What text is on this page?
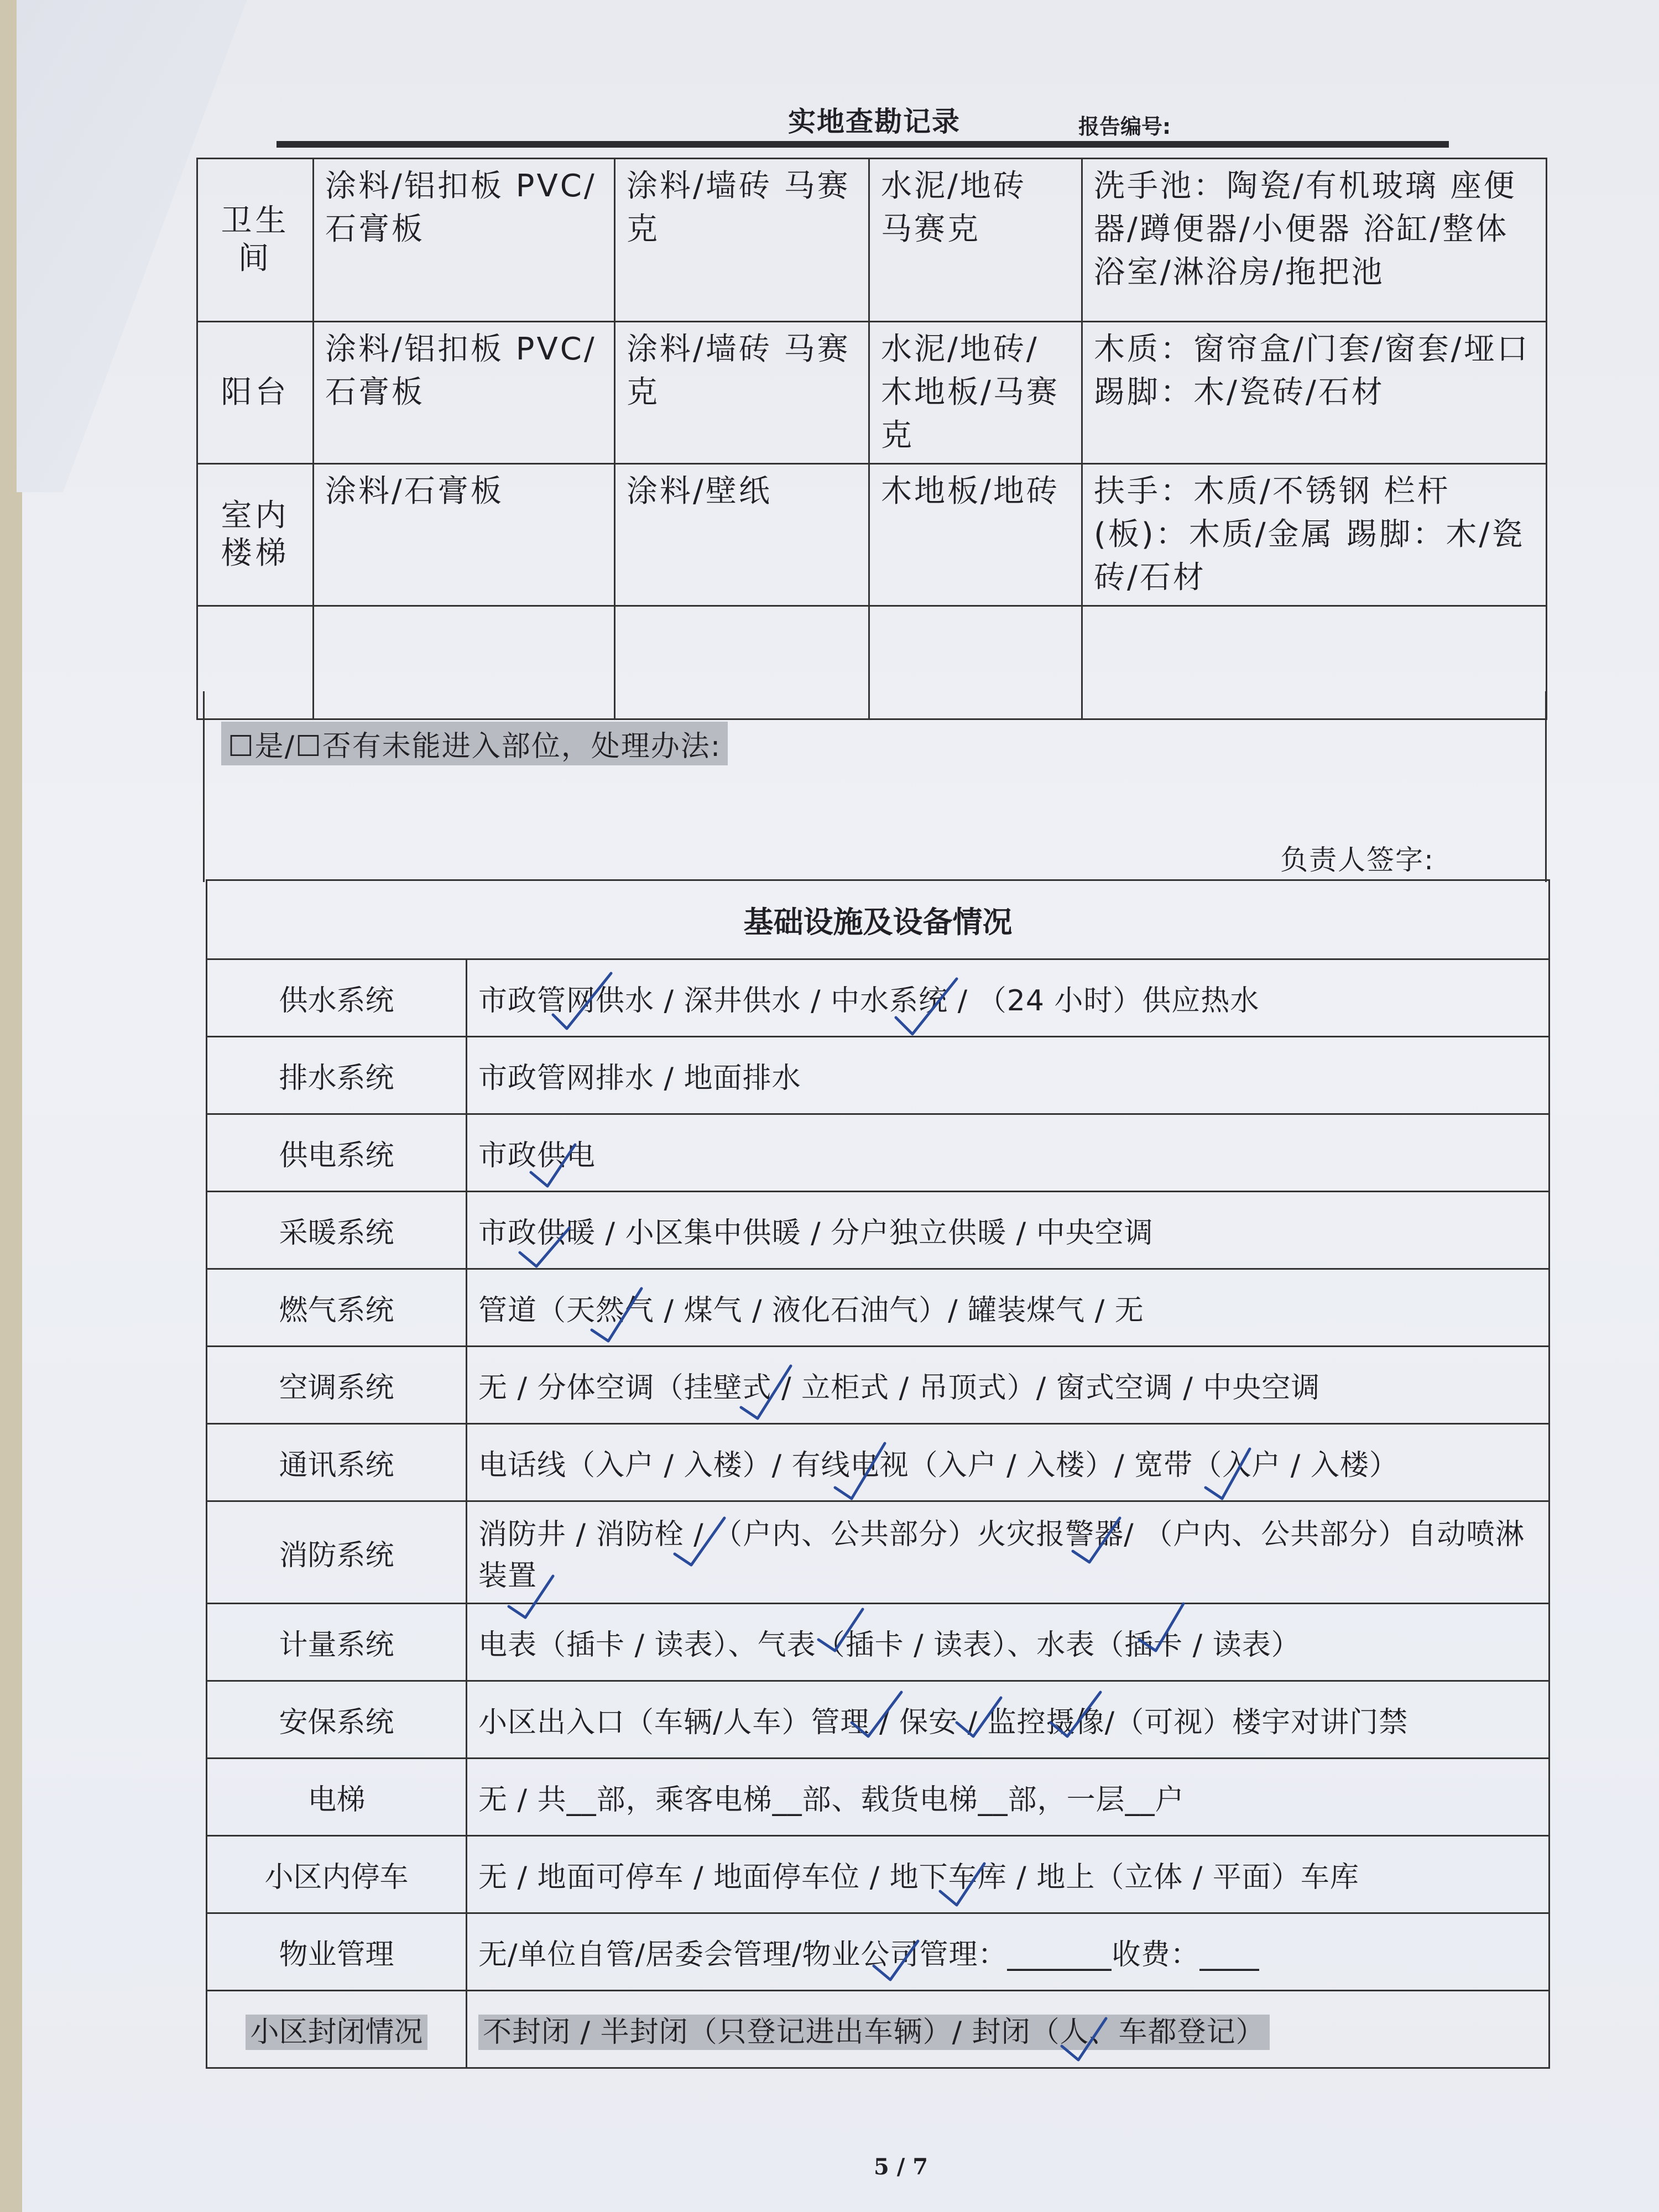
实地查勘记录	报告编号:
卫生间	涂料/铝扣板 PVC/石膏板	涂料/墙砖 马赛克	水泥/地砖 马赛克	洗手池：陶瓷/有机玻璃 座便器/蹲便器/小便器 浴缸/整体浴室/淋浴房/拖把池
阳台	涂料/铝扣板 PVC/石膏板	涂料/墙砖 马赛克	水泥/地砖/木地板/马赛克	木质：窗帘盒/门套/窗套/垭口 踢脚：木/瓷砖/石材
室内楼梯	涂料/石膏板	涂料/壁纸	木地板/地砖	扶手：木质/不锈钢 栏杆(板)：木质/金属 踢脚：木/瓷砖/石材

☐是/☐否有未能进入部位，处理办法:
负责人签字:
基础设施及设备情况	
供水系统	市政管网供水 / 深井供水 / 中水系统 / （24 小时）供应热水
排水系统	市政管网排水 / 地面排水
供电系统	市政供电
采暖系统	市政供暖 / 小区集中供暖 / 分户独立供暖 / 中央空调
燃气系统	管道（天然气 / 煤气 / 液化石油气）/ 罐装煤气 / 无
空调系统	无 / 分体空调（挂壁式 / 立柜式 / 吊顶式）/ 窗式空调 / 中央空调
通讯系统	电话线（入户 / 入楼）/ 有线电视（入户 / 入楼）/ 宽带（入户 / 入楼）
消防系统	消防井 / 消防栓 / （户内、公共部分）火灾报警器/ （户内、公共部分）自动喷淋装置
计量系统	电表（插卡 / 读表）、气表（插卡 / 读表）、水表（插卡 / 读表）
安保系统	小区出入口（车辆/人车）管理 / 保安 / 监控摄像/（可视）楼宇对讲门禁
电梯	无 / 共__部，乘客电梯__部、载货电梯__部，一层__户
小区内停车	无 / 地面可停车 / 地面停车位 / 地下车库 / 地上（立体 / 平面）车库
物业管理	无/单位自管/居委会管理/物业公司管理：_______收费：____
小区封闭情况	不封闭 / 半封闭（只登记进出车辆）/ 封闭（人、车都登记）
5 / 7
